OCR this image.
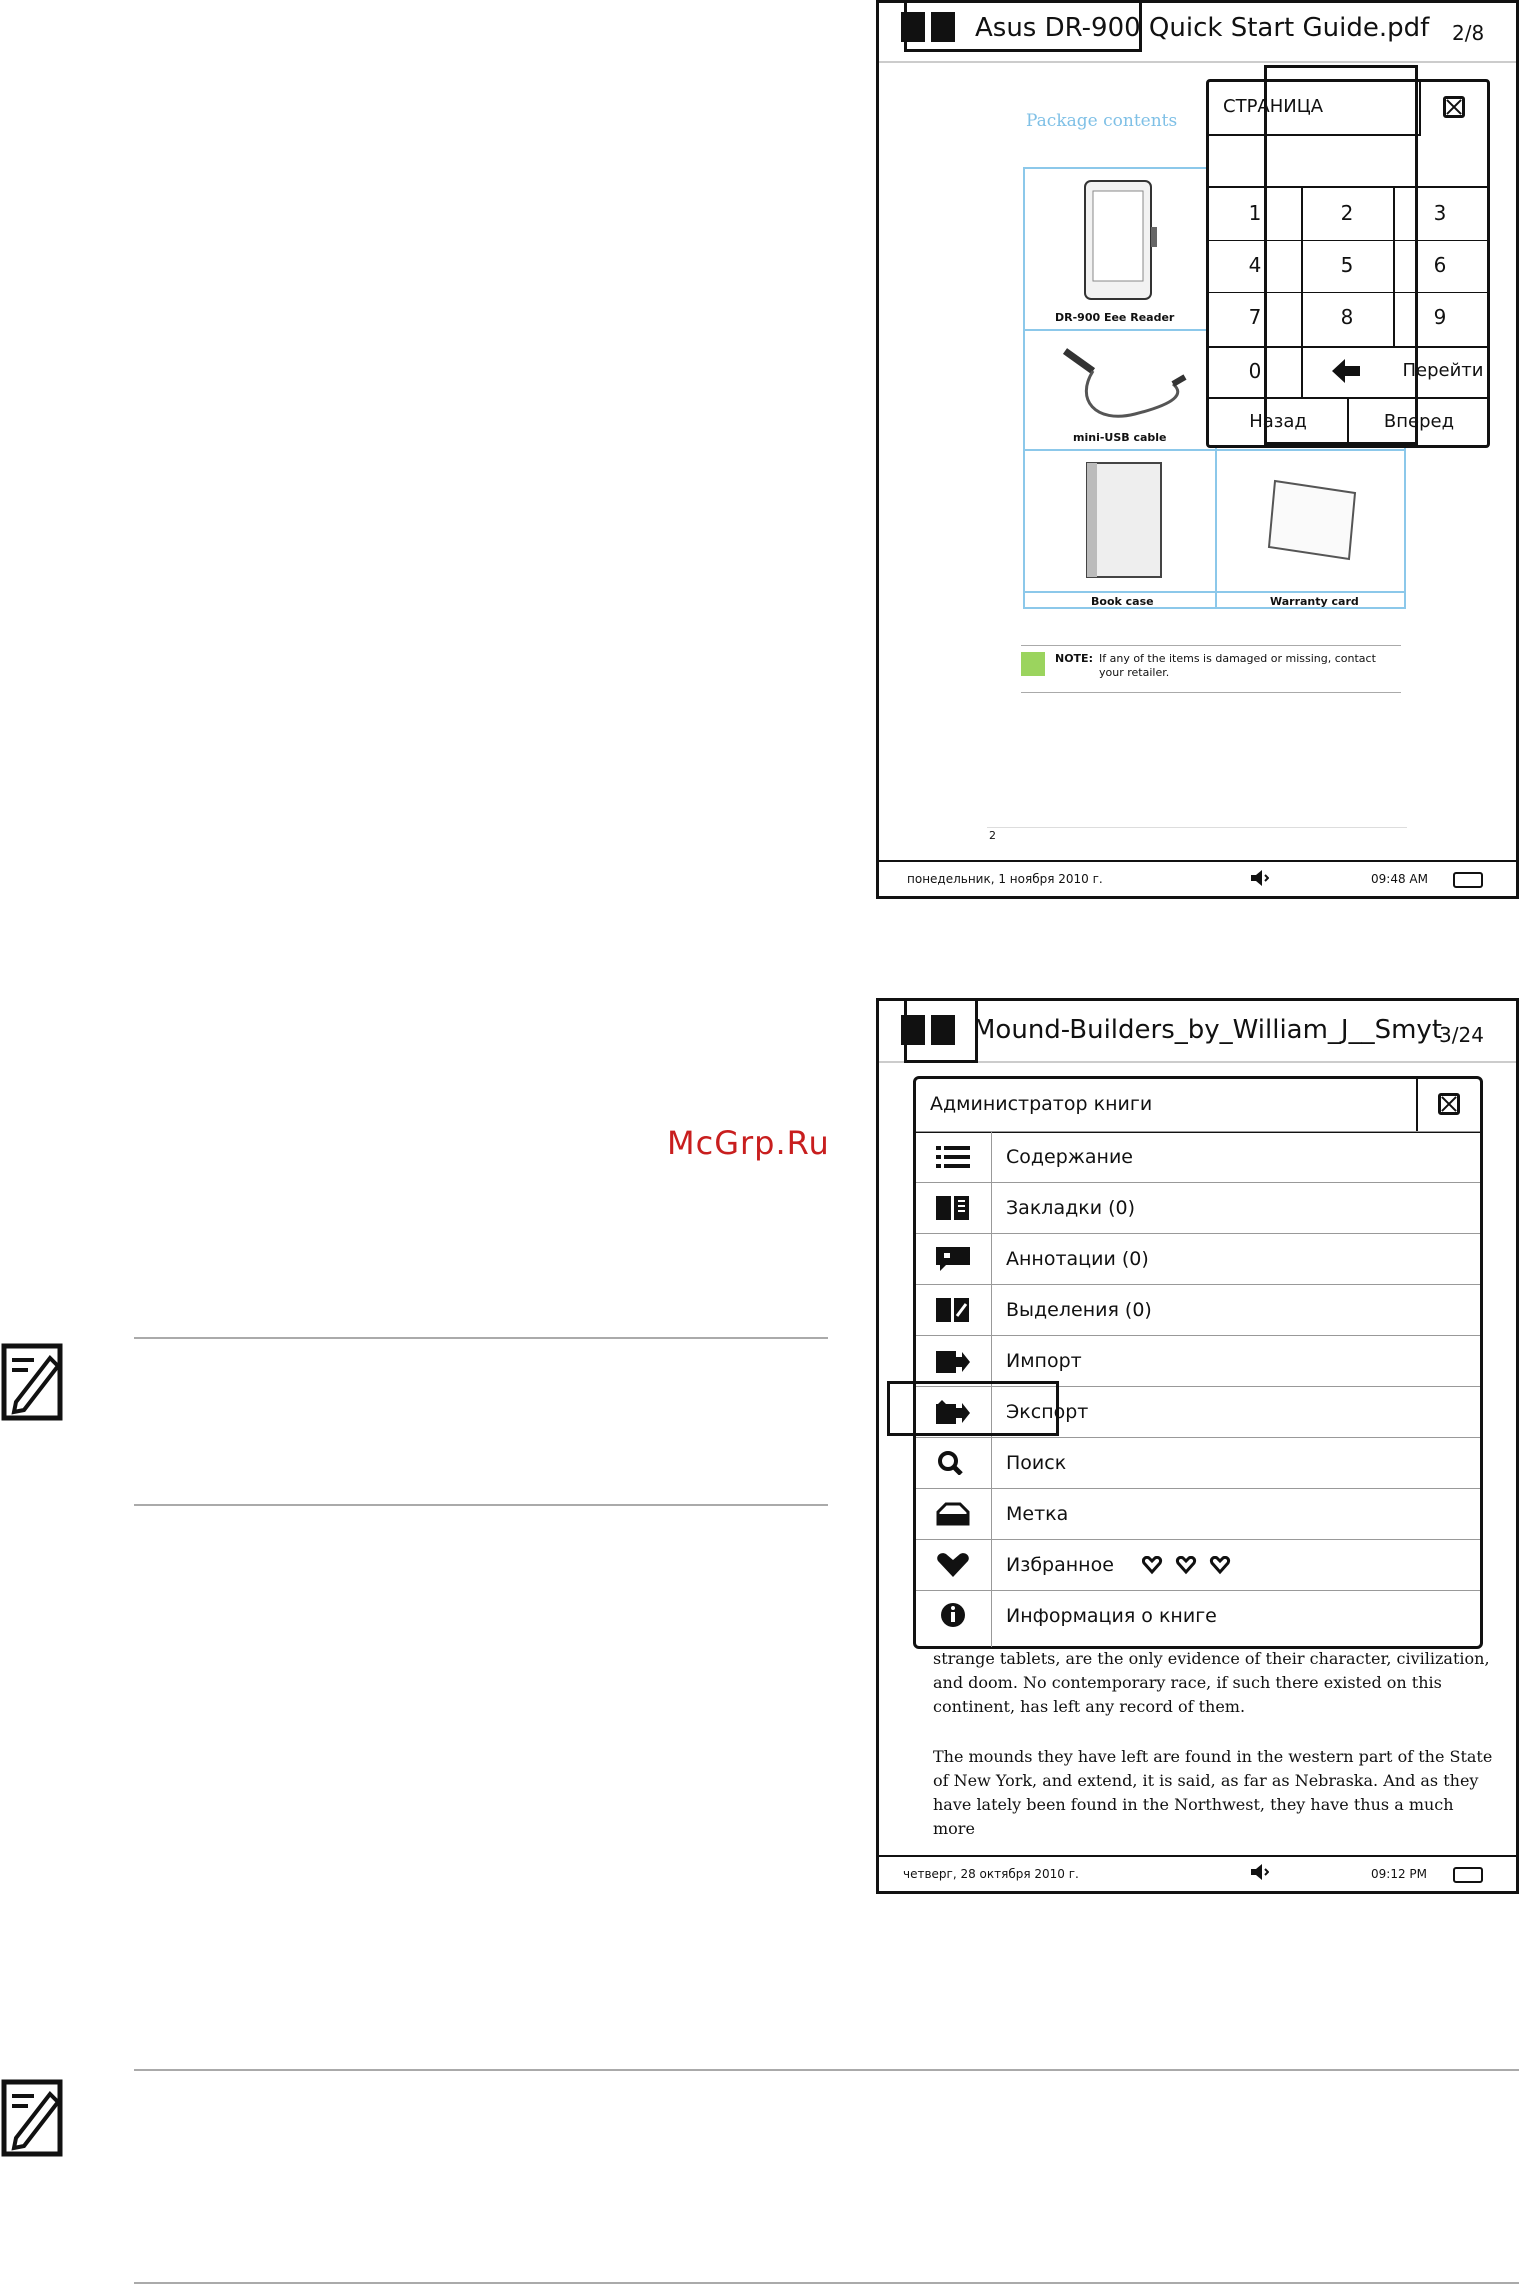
McGrp.Ru
Asus DR-900 Quick Start Guide.pdf 2/8
Package contents
DR-900 Eee Reader
mini-USB cable
Book case	Warranty card
NOTE: If any of the items is damaged or missing, contact your retailer.
2
СТРАНИЦА
1	2	3
4	5	6
7	8	9
0	Перейти
Назад	Вперед
понедельник, 1 ноября 2010 г.	09:48 AM
Mound-Builders_by_William_J__Smyt
3/24
Администратор книги
Содержание
Закладки (0)
Аннотации (0)
Выделения (0)
Импорт
Экспорт
Поиск
Метка
Избранное
Информация о книге
strange tablets, are the only evidence of their character, civilization, and doom. No contemporary race, if such there existed on this continent, has left any record of them.
The mounds they have left are found in the western part of the State of New York, and extend, it is said, as far as Nebraska. And as they have lately been found in the Northwest, they have thus a much more
четверг, 28 октября 2010 г.	09:12 PM
